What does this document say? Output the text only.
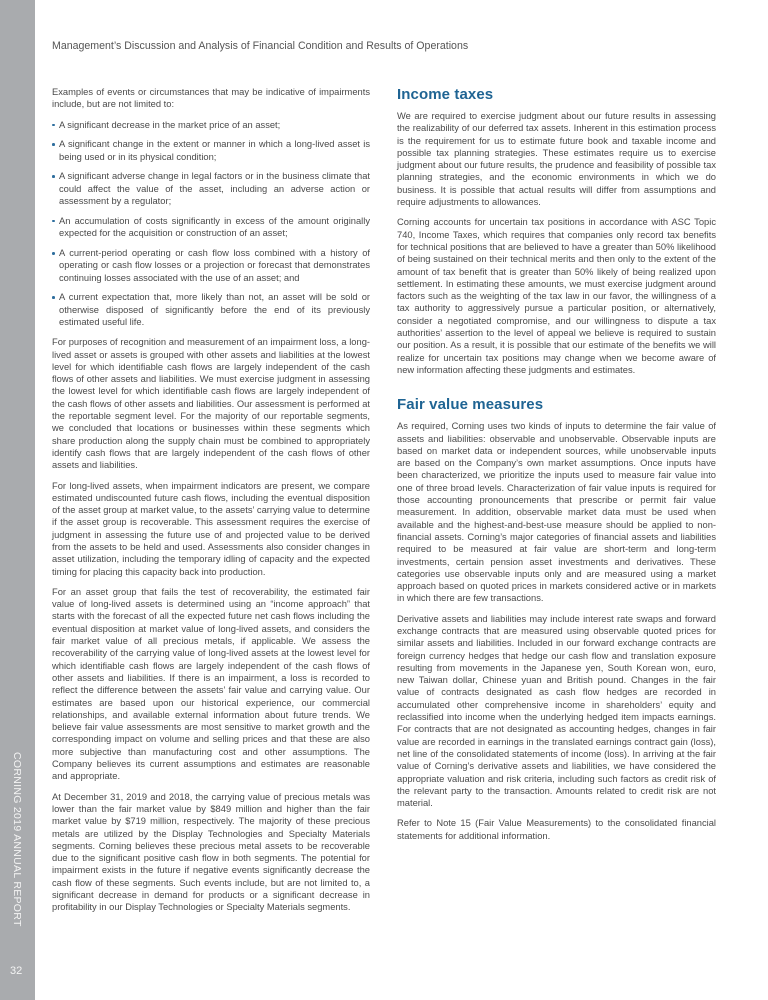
CORNING 2019 ANNUAL REPORT
32
Management’s Discussion and Analysis of Financial Condition and Results of Operations

Examples of events or circumstances that may be indicative of impairments include, but are not limited to:

A significant decrease in the market price of an asset;
A significant change in the extent or manner in which a long-lived asset is being used or in its physical condition;
A significant adverse change in legal factors or in the business climate that could affect the value of the asset, including an adverse action or assessment by a regulator;
An accumulation of costs significantly in excess of the amount originally expected for the acquisition or construction of an asset;
A current-period operating or cash flow loss combined with a history of operating or cash flow losses or a projection or forecast that demonstrates continuing losses associated with the use of an asset; and
A current expectation that, more likely than not, an asset will be sold or otherwise disposed of significantly before the end of its previously estimated useful life.

For purposes of recognition and measurement of an impairment loss, a long-lived asset or assets is grouped with other assets and liabilities at the lowest level for which identifiable cash flows are largely independent of the cash flows of other assets and liabilities. We must exercise judgment in assessing the lowest level for which identifiable cash flows are largely independent of the cash flows of other assets and liabilities. Our assessment is performed at the reportable segment level. For the majority of our reportable segments, we concluded that locations or businesses within these segments which share production along the supply chain must be combined to appropriately identify cash flows that are largely independent of the cash flows of other assets and liabilities.

For long-lived assets, when impairment indicators are present, we compare estimated undiscounted future cash flows, including the eventual disposition of the asset group at market value, to the assets’ carrying value to determine if the asset group is recoverable. This assessment requires the exercise of judgment in assessing the future use of and projected value to be derived from the assets to be held and used. Assessments also consider changes in asset utilization, including the temporary idling of capacity and the expected timing for placing this capacity back into production.

For an asset group that fails the test of recoverability, the estimated fair value of long-lived assets is determined using an “income approach” that starts with the forecast of all the expected future net cash flows including the eventual disposition at market value of long-lived assets, and considers the fair market value of all precious metals, if applicable. We assess the recoverability of the carrying value of long-lived assets at the lowest level for which identifiable cash flows are largely independent of the cash flows of other assets and liabilities. If there is an impairment, a loss is recorded to reflect the difference between the assets’ fair value and carrying value. Our estimates are based upon our historical experience, our commercial relationships, and available external information about future trends. We believe fair value assessments are most sensitive to market growth and the corresponding impact on volume and selling prices and that these are also more subjective than manufacturing cost and other assumptions. The Company believes its current assumptions and estimates are reasonable and appropriate.

At December 31, 2019 and 2018, the carrying value of precious metals was lower than the fair market value by $849 million and higher than the fair market value by $719 million, respectively. The majority of these precious metals are utilized by the Display Technologies and Specialty Materials segments. Corning believes these precious metal assets to be recoverable due to the significant positive cash flow in both segments. The potential for impairment exists in the future if negative events significantly decrease the cash flow of these segments. Such events include, but are not limited to, a significant decrease in demand for products or a significant decrease in profitability in our Display Technologies or Specialty Materials segments.

Income taxes

We are required to exercise judgment about our future results in assessing the realizability of our deferred tax assets. Inherent in this estimation process is the requirement for us to estimate future book and taxable income and possible tax planning strategies. These estimates require us to exercise judgment about our future results, the prudence and feasibility of possible tax planning strategies, and the economic environments in which we do business. It is possible that actual results will differ from assumptions and require adjustments to allowances.

Corning accounts for uncertain tax positions in accordance with ASC Topic 740, Income Taxes, which requires that companies only record tax benefits for technical positions that are believed to have a greater than 50% likelihood of being sustained on their technical merits and then only to the extent of the amount of tax benefit that is greater than 50% likely of being realized upon settlement. In estimating these amounts, we must exercise judgment around factors such as the weighting of the tax law in our favor, the willingness of a tax authority to aggressively pursue a particular position, or alternatively, consider a negotiated compromise, and our willingness to dispute a tax authorities’ assertion to the level of appeal we believe is required to sustain our position. As a result, it is possible that our estimate of the benefits we will realize for uncertain tax positions may change when we become aware of new information affecting these judgments and estimates.

Fair value measures

As required, Corning uses two kinds of inputs to determine the fair value of assets and liabilities: observable and unobservable. Observable inputs are based on market data or independent sources, while unobservable inputs are based on the Company’s own market assumptions. Once inputs have been characterized, we prioritize the inputs used to measure fair value into one of three broad levels. Characterization of fair value inputs is required for those accounting pronouncements that prescribe or permit fair value measurement. In addition, observable market data must be used when available and the highest-and-best-use measure should be applied to non-financial assets. Corning’s major categories of financial assets and liabilities required to be measured at fair value are short-term and long-term investments, certain pension asset investments and derivatives. These categories use observable inputs only and are measured using a market approach based on quoted prices in markets considered active or in markets in which there are few transactions.

Derivative assets and liabilities may include interest rate swaps and forward exchange contracts that are measured using observable quoted prices for similar assets and liabilities. Included in our forward exchange contracts are foreign currency hedges that hedge our cash flow and translation exposure resulting from movements in the Japanese yen, South Korean won, euro, new Taiwan dollar, Chinese yuan and British pound. Changes in the fair value of contracts designated as cash flow hedges are recorded in accumulated other comprehensive income in shareholders’ equity and reclassified into income when the underlying hedged item impacts earnings. For contracts that are not designated as accounting hedges, changes in fair value are recorded in earnings in the translated earnings contract gain (loss), net line of the consolidated statements of income (loss). In arriving at the fair value of Corning’s derivative assets and liabilities, we have considered the appropriate valuation and risk criteria, including such factors as credit risk of the relevant party to the transaction. Amounts related to credit risk are not material.

Refer to Note 15 (Fair Value Measurements) to the consolidated financial statements for additional information.
